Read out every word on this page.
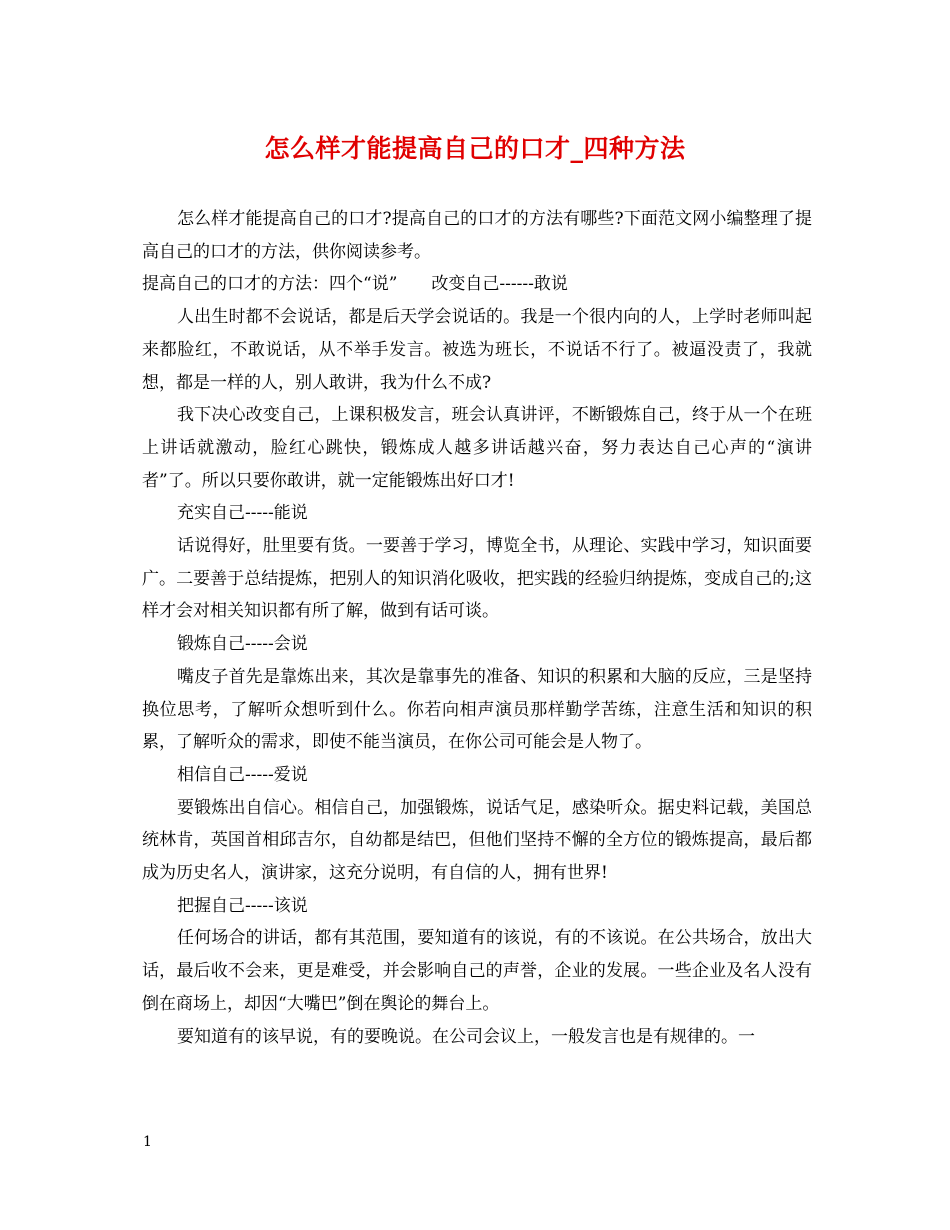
怎么样才能提高自己的口才_四种方法

怎么样才能提高自己的口才?提高自己的口才的方法有哪些?下面范文网小编整理了提高自己的口才的方法，供你阅读参考。

提高自己的口才的方法：四个“说”　　改变自己------敢说

人出生时都不会说话，都是后天学会说话的。我是一个很内向的人，上学时老师叫起来都脸红，不敢说话，从不举手发言。被选为班长，不说话不行了。被逼没责了，我就想，都是一样的人，别人敢讲，我为什么不成?

我下决心改变自己，上课积极发言，班会认真讲评，不断锻炼自己，终于从一个在班上讲话就激动，脸红心跳快，锻炼成人越多讲话越兴奋，努力表达自己心声的“演讲者”了。所以只要你敢讲，就一定能锻炼出好口才!

充实自己-----能说

话说得好，肚里要有货。一要善于学习，博览全书，从理论、实践中学习，知识面要广。二要善于总结提炼，把别人的知识消化吸收，把实践的经验归纳提炼，变成自己的;这样才会对相关知识都有所了解，做到有话可谈。

锻炼自己-----会说

嘴皮子首先是靠炼出来，其次是靠事先的准备、知识的积累和大脑的反应，三是坚持换位思考，了解听众想听到什么。你若向相声演员那样勤学苦练，注意生活和知识的积累，了解听众的需求，即使不能当演员，在你公司可能会是人物了。

相信自己-----爱说

要锻炼出自信心。相信自己，加强锻炼，说话气足，感染听众。据史料记载，美国总统林肯，英国首相邱吉尔，自幼都是结巴，但他们坚持不懈的全方位的锻炼提高，最后都成为历史名人，演讲家，这充分说明，有自信的人，拥有世界!

把握自己-----该说

任何场合的讲话，都有其范围，要知道有的该说，有的不该说。在公共场合，放出大话，最后收不会来，更是难受，并会影响自己的声誉，企业的发展。一些企业及名人没有倒在商场上，却因“大嘴巴”倒在舆论的舞台上。

要知道有的该早说，有的要晚说。在公司会议上，一般发言也是有规律的。一

1
